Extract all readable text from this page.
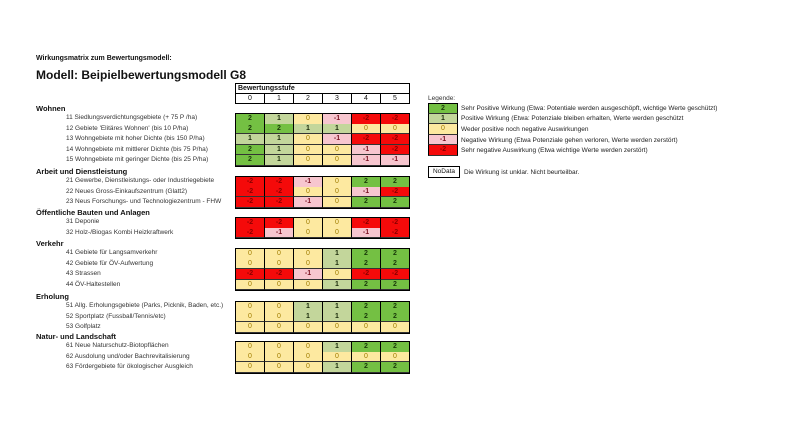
Wirkungsmatrix zum Bewertungsmodell:
Modell: Beipielbewertungsmodell G8
Bewertungsstufe
0	1	2	3	4	5
Wohnen
11 Siedlungsverdichtungsgebiete (+ 75 P /ha)	2	1	0	-1	-2	-2
12 Gebiete 'Elitäres Wohnen' (bis 10 P/ha)	2	2	1	1	0	0
13 Wohngebiete mit hoher Dichte (bis 150 P/ha)	1	1	0	-1	-2	-2
14 Wohngebiete mit mittlerer Dichte (bis 75 P/ha)	2	1	0	0	-1	-2
15 Wohngebiete mit geringer Dichte (bis 25 P/ha)	2	1	0	0	-1	-1
Arbeit und Dienstleistung
21 Gewerbe, Dienstleistungs- oder Industriegebiete	-2	-2	-1	0	2	2
22 Neues Gross-Einkaufszentrum (Glatt2)	-2	-2	0	0	-1	-2
23 Neus Forschungs- und Technologiezentrum - FHW	-2	-2	-1	0	2	2
Öffentliche Bauten und Anlagen
31 Deponie	-2	-2	0	0	-2	-2
32 Holz-/Biogas Kombi Heizkraftwerk	-2	-1	0	0	-1	-2
Verkehr
41 Gebiete für Langsamverkehr	0	0	0	1	2	2
42 Gebiete für ÖV-Aufwertung	0	0	0	1	2	2
43 Strassen	-2	-2	-1	0	-2	-2
44 ÖV-Haltestellen	0	0	0	1	2	2
Erholung
51 Allg. Erholungsgebiete (Parks, Picknik, Baden, etc.)	0	0	1	1	2	2
52 Sportplatz (Fussball/Tennis/etc)	0	0	1	1	2	2
53 Golfplatz	0	0	0	0	0	0
Natur- und Landschaft
61 Neue Naturschutz-Biotopflächen	0	0	0	1	2	2
62 Ausdolung und/oder Bachrevitalisierung	0	0	0	0	0	0
63 Fördergebiete für ökologischer Ausgleich	0	0	0	1	2	2
Legende:
2	Sehr Positive Wirkung (Etwa: Potentiale werden ausgeschöpft, wichtige Werte geschützt)
1	Positive Wirkung (Etwa: Potenziale bleiben erhalten, Werte werden geschützt
0	Weder positive noch negative Auswirkungen
-1	Negative Wirkung (Etwa Potenziale gehen verloren, Werte werden zerstört)
-2	Sehr negative Auswirkung (Etwa wichtige Werte werden zerstört)
NoData	Die Wirkung ist unklar. Nicht beurteilbar.
